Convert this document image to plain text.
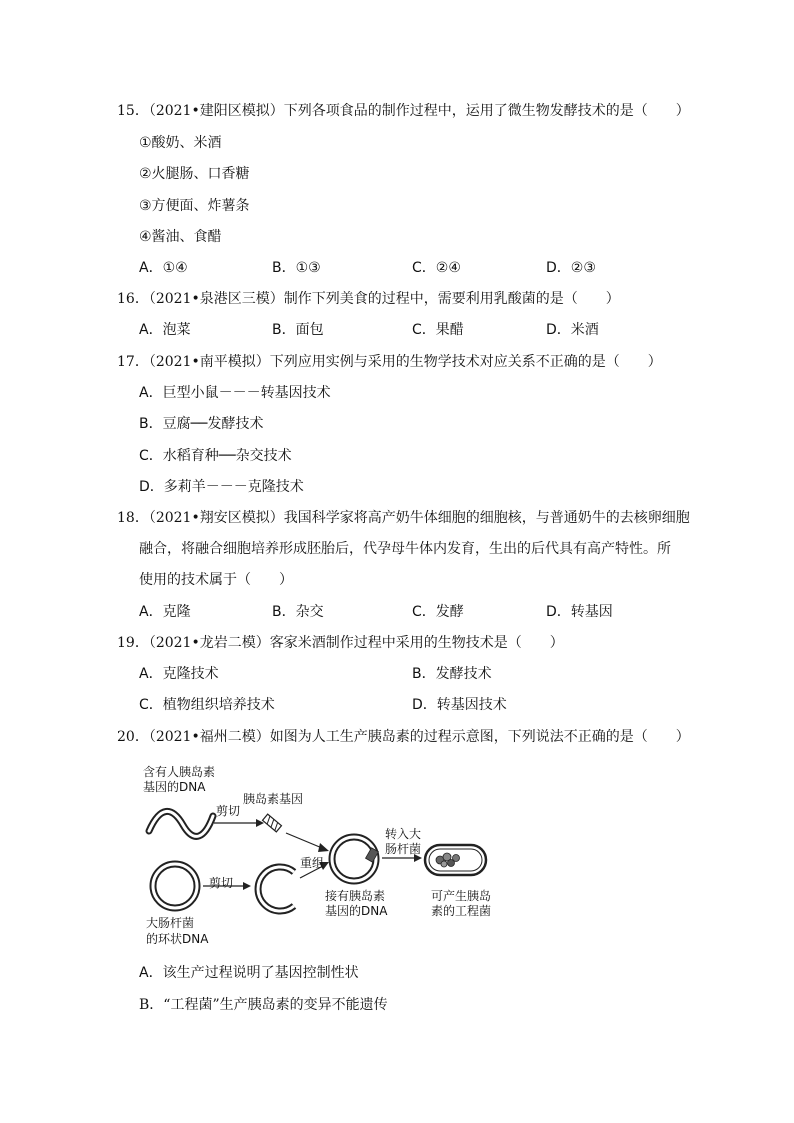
15．（2021•建阳区模拟）下列各项食品的制作过程中，运用了微生物发酵技术的是（　　）
①酸奶、米酒
②火腿肠、口香糖
③方便面、炸薯条
④酱油、食醋
A．①④	B．①③	C．②④	D．②③
16．（2021•泉港区三模）制作下列美食的过程中，需要利用乳酸菌的是（　　）
A．泡菜	B．面包	C．果醋	D．米酒
17．（2021•南平模拟）下列应用实例与采用的生物学技术对应关系不正确的是（　　）
A．巨型小鼠－－－转基因技术
B．豆腐──发酵技术
C．水稻育种──杂交技术
D．多莉羊－－－克隆技术
18．（2021•翔安区模拟）我国科学家将高产奶牛体细胞的细胞核，与普通奶牛的去核卵细胞
融合，将融合细胞培养形成胚胎后，代孕母牛体内发育，生出的后代具有高产特性。所
使用的技术属于（　　）
A．克隆	B．杂交	C．发酵	D．转基因
19．（2021•龙岩二模）客家米酒制作过程中采用的生物技术是（　　）
A．克隆技术	B．发酵技术
C．植物组织培养技术	D．转基因技术
20．（2021•福州二模）如图为人工生产胰岛素的过程示意图，下列说法不正确的是（　　）
含有人胰岛素
基因的DNA
剪切
胰岛素基因
重组
转入大
肠杆菌
剪切
接有胰岛素
基因的DNA
可产生胰岛
素的工程菌
大肠杆菌
的环状DNA
A．该生产过程说明了基因控制性状
B．“工程菌”生产胰岛素的变异不能遗传
